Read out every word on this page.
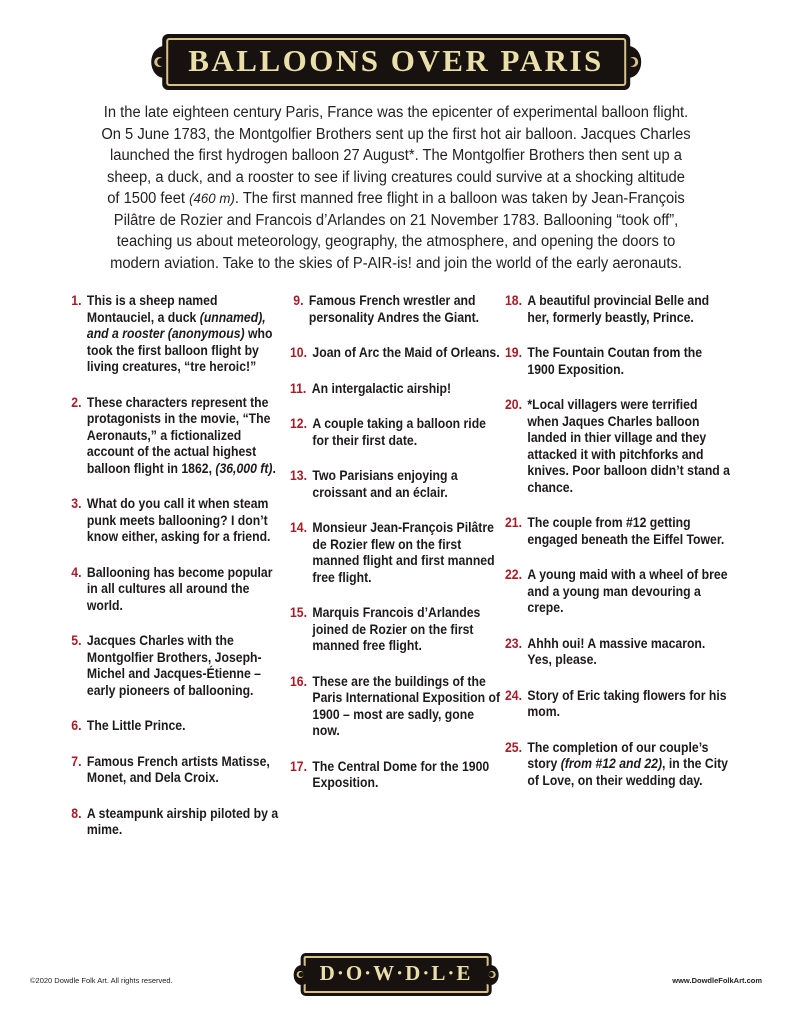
BALLOONS OVER PARIS
In the late eighteen century Paris, France was the epicenter of experimental balloon flight.
On 5 June 1783, the Montgolfier Brothers sent up the first hot air balloon. Jacques Charles
launched the first hydrogen balloon 27 August*. The Montgolfier Brothers then sent up a
sheep, a duck, and a rooster to see if living creatures could survive at a shocking altitude
of 1500 feet (460 m). The first manned free flight in a balloon was taken by Jean-François
Pilâtre de Rozier and Francois d’Arlandes on 21 November 1783. Ballooning “took off”,
teaching us about meteorology, geography, the atmosphere, and opening the doors to
modern aviation. Take to the skies of P-AIR-is! and join the world of the early aeronauts.
1. This is a sheep named Montauciel, a duck (unnamed), and a rooster (anonymous) who took the first balloon flight by living creatures, “tre heroic!”
2. These characters represent the protagonists in the movie, “The Aeronauts,” a fictionalized account of the actual highest balloon flight in 1862, (36,000 ft).
3. What do you call it when steam punk meets ballooning? I don’t know either, asking for a friend.
4. Ballooning has become popular in all cultures all around the world.
5. Jacques Charles with the Montgolfier Brothers, Joseph-Michel and Jacques-Étienne – early pioneers of ballooning.
6. The Little Prince.
7. Famous French artists Matisse, Monet, and Dela Croix.
8. A steampunk airship piloted by a mime.
9. Famous French wrestler and personality Andres the Giant.
10. Joan of Arc the Maid of Orleans.
11. An intergalactic airship!
12. A couple taking a balloon ride for their first date.
13. Two Parisians enjoying a croissant and an éclair.
14. Monsieur Jean-François Pilâtre de Rozier flew on the first manned flight and first manned free flight.
15. Marquis Francois d’Arlandes joined de Rozier on the first manned free flight.
16. These are the buildings of the Paris International Exposition of 1900 – most are sadly, gone now.
17. The Central Dome for the 1900 Exposition.
18. A beautiful provincial Belle and her, formerly beastly, Prince.
19. The Fountain Coutan from the 1900 Exposition.
20. *Local villagers were terrified when Jaques Charles balloon landed in thier village and they attacked it with pitchforks and knives. Poor balloon didn’t stand a chance.
21. The couple from #12 getting engaged beneath the Eiffel Tower.
22. A young maid with a wheel of bree and a young man devouring a crepe.
23. Ahhh oui! A massive macaron. Yes, please.
24. Story of Eric taking flowers for his mom.
25. The completion of our couple’s story (from #12 and 22), in the City of Love, on their wedding day.
D·O·W·D·L·E
©2020 Dowdle Folk Art. All rights reserved.	www.DowdleFolkArt.com
